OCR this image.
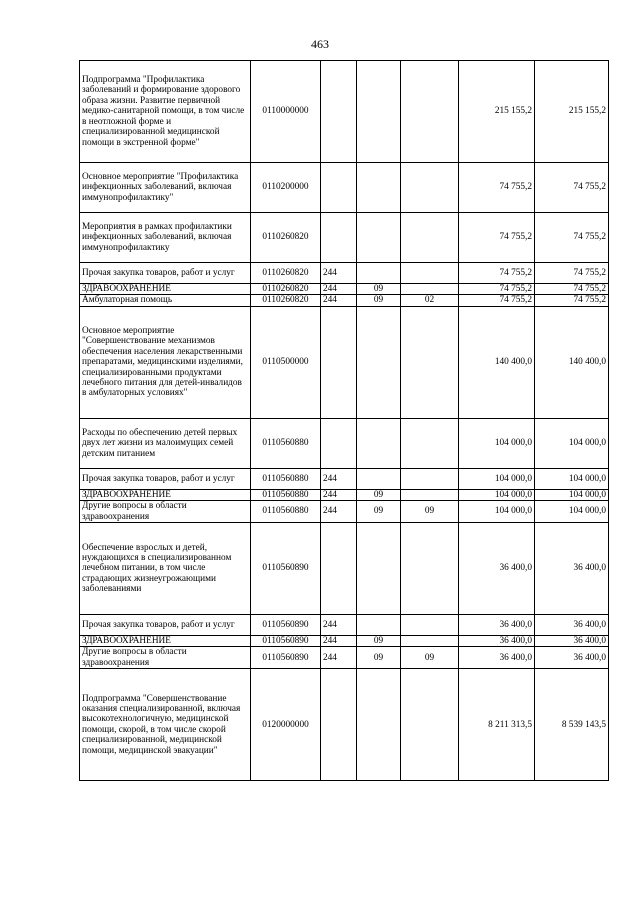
463
Подпрограмма "Профилактика заболеваний и формирование здорового образа жизни. Развитие первичной медико-санитарной помощи, в том числе в неотложной форме и специализированной медицинской помощи в экстренной форме"	0110000000				215 155,2	215 155,2
Основное мероприятие "Профилактика инфекционных заболеваний, включая иммунопрофилактику"	0110200000				74 755,2	74 755,2
Мероприятия в рамках профилактики инфекционных заболеваний, включая иммунопрофилактику	0110260820				74 755,2	74 755,2
Прочая закупка товаров, работ и услуг	0110260820	244			74 755,2	74 755,2
ЗДРАВООХРАНЕНИЕ	0110260820	244	09		74 755,2	74 755,2
Амбулаторная помощь	0110260820	244	09	02	74 755,2	74 755,2
Основное мероприятие "Совершенствование механизмов обеспечения населения лекарственными препаратами, медицинскими изделиями, специализированными продуктами лечебного питания для детей-инвалидов в амбулаторных условиях"	0110500000				140 400,0	140 400,0
Расходы по обеспечению детей первых двух лет жизни из малоимущих семей детским питанием	0110560880				104 000,0	104 000,0
Прочая закупка товаров, работ и услуг	0110560880	244			104 000,0	104 000,0
ЗДРАВООХРАНЕНИЕ	0110560880	244	09		104 000,0	104 000,0
Другие вопросы в области здравоохранения	0110560880	244	09	09	104 000,0	104 000,0
Обеспечение взрослых и детей, нуждающихся в специализированном лечебном питании, в том числе страдающих жизнеугрожающими заболеваниями	0110560890				36 400,0	36 400,0
Прочая закупка товаров, работ и услуг	0110560890	244			36 400,0	36 400,0
ЗДРАВООХРАНЕНИЕ	0110560890	244	09		36 400,0	36 400,0
Другие вопросы в области здравоохранения	0110560890	244	09	09	36 400,0	36 400,0
Подпрограмма "Совершенствование оказания специализированной, включая высокотехнологичную, медицинской помощи, скорой, в том числе скорой специализированной, медицинской помощи, медицинской эвакуации"	0120000000				8 211 313,5	8 539 143,5
